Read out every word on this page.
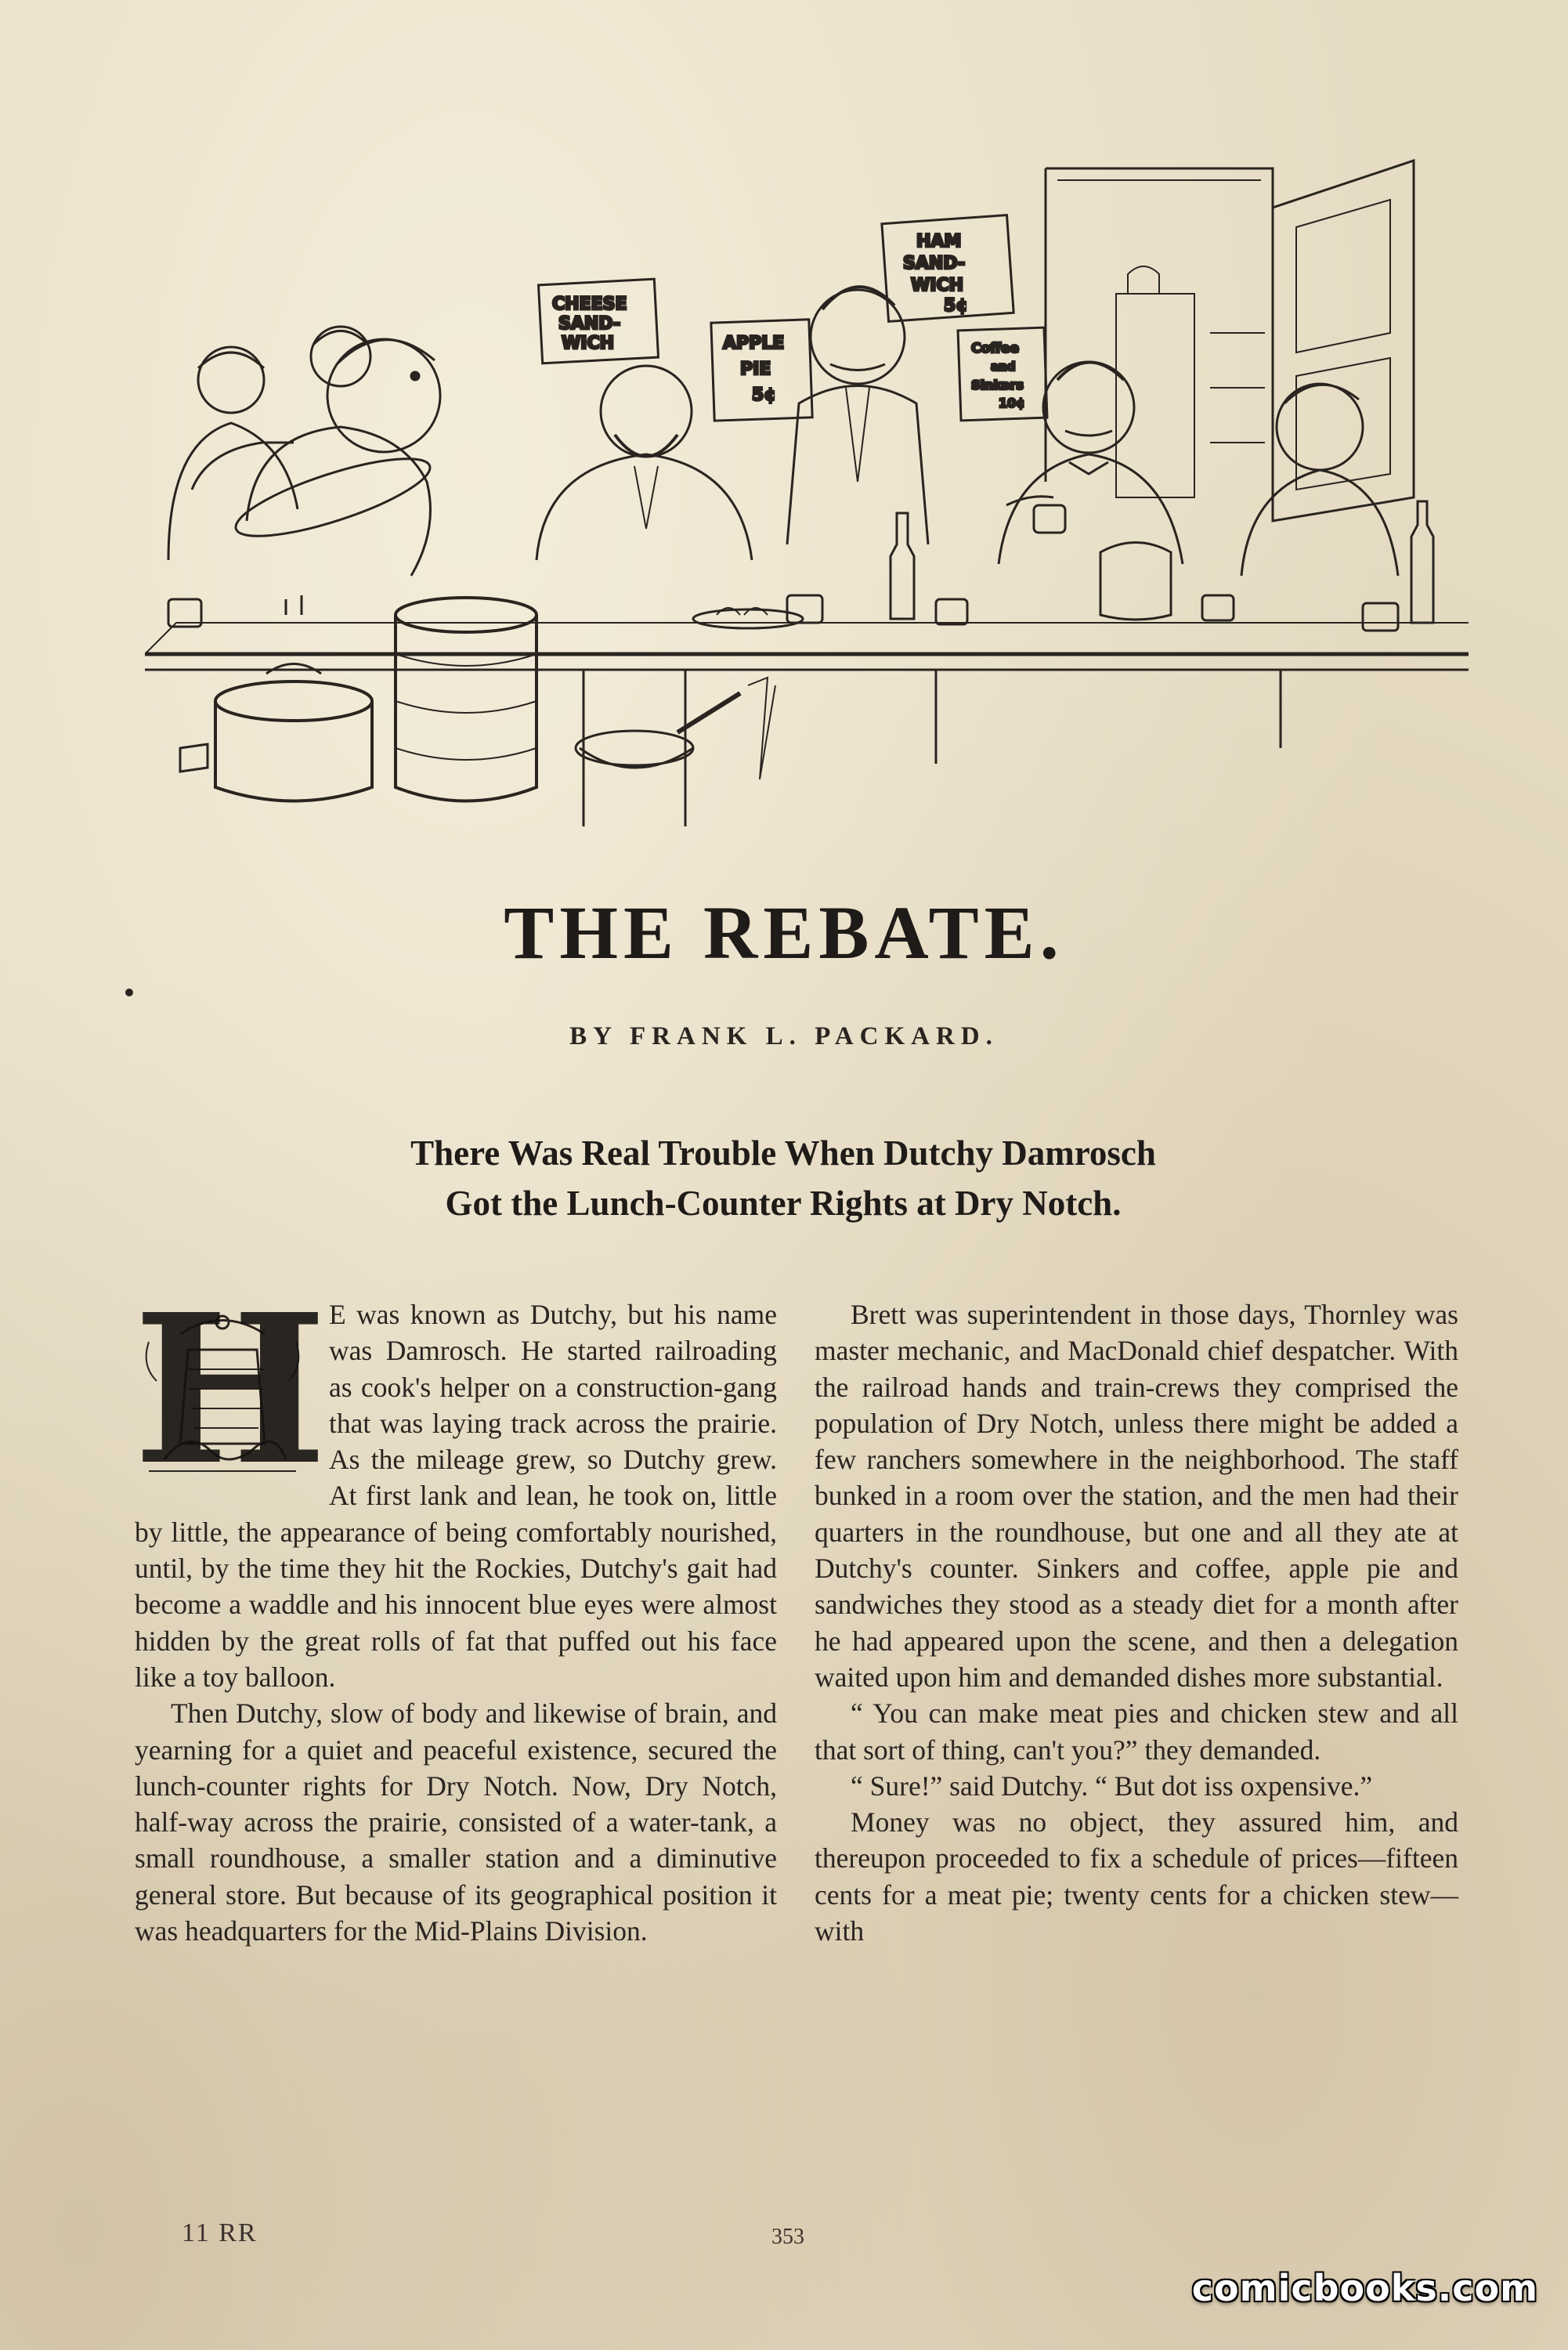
CHEESE
SAND-
WICH	APPLE
PIE
5¢
HAM
SAND-
WICH
5¢
Coffee
and
Sinkers
10¢
THE REBATE.
BY FRANK L. PACKARD.
There Was Real Trouble When Dutchy Damrosch
Got the Lunch-Counter Rights at Dry Notch.

H E was known as Dutchy, but his name was Damrosch. He started railroading as cook's helper on a construction-gang that was laying track across the prairie. As the mileage grew, so Dutchy grew. At first lank and lean, he took on, little by little, the appearance of being comfortably nourished, until, by the time they hit the Rockies, Dutchy's gait had become a waddle and his innocent blue eyes were almost hidden by the great rolls of fat that puffed out his face like a toy balloon.

Then Dutchy, slow of body and likewise of brain, and yearning for a quiet and peaceful existence, secured the lunch-counter rights for Dry Notch. Now, Dry Notch, half-way across the prairie, consisted of a water-tank, a small roundhouse, a smaller station and a diminutive general store. But because of its geographical position it was headquarters for the Mid-Plains Division.

Brett was superintendent in those days, Thornley was master mechanic, and MacDonald chief despatcher. With the railroad hands and train-crews they comprised the population of Dry Notch, unless there might be added a few ranchers somewhere in the neighborhood. The staff bunked in a room over the station, and the men had their quarters in the roundhouse, but one and all they ate at Dutchy's counter. Sinkers and coffee, apple pie and sandwiches they stood as a steady diet for a month after he had appeared upon the scene, and then a delegation waited upon him and demanded dishes more substantial.

“ You can make meat pies and chicken stew and all that sort of thing, can't you?” they demanded.

“ Sure!” said Dutchy. “ But dot iss oxpensive.”

Money was no object, they assured him, and thereupon proceeded to fix a schedule of prices—fifteen cents for a meat pie; twenty cents for a chicken stew—with

11 RR	353
comicbooks.com
